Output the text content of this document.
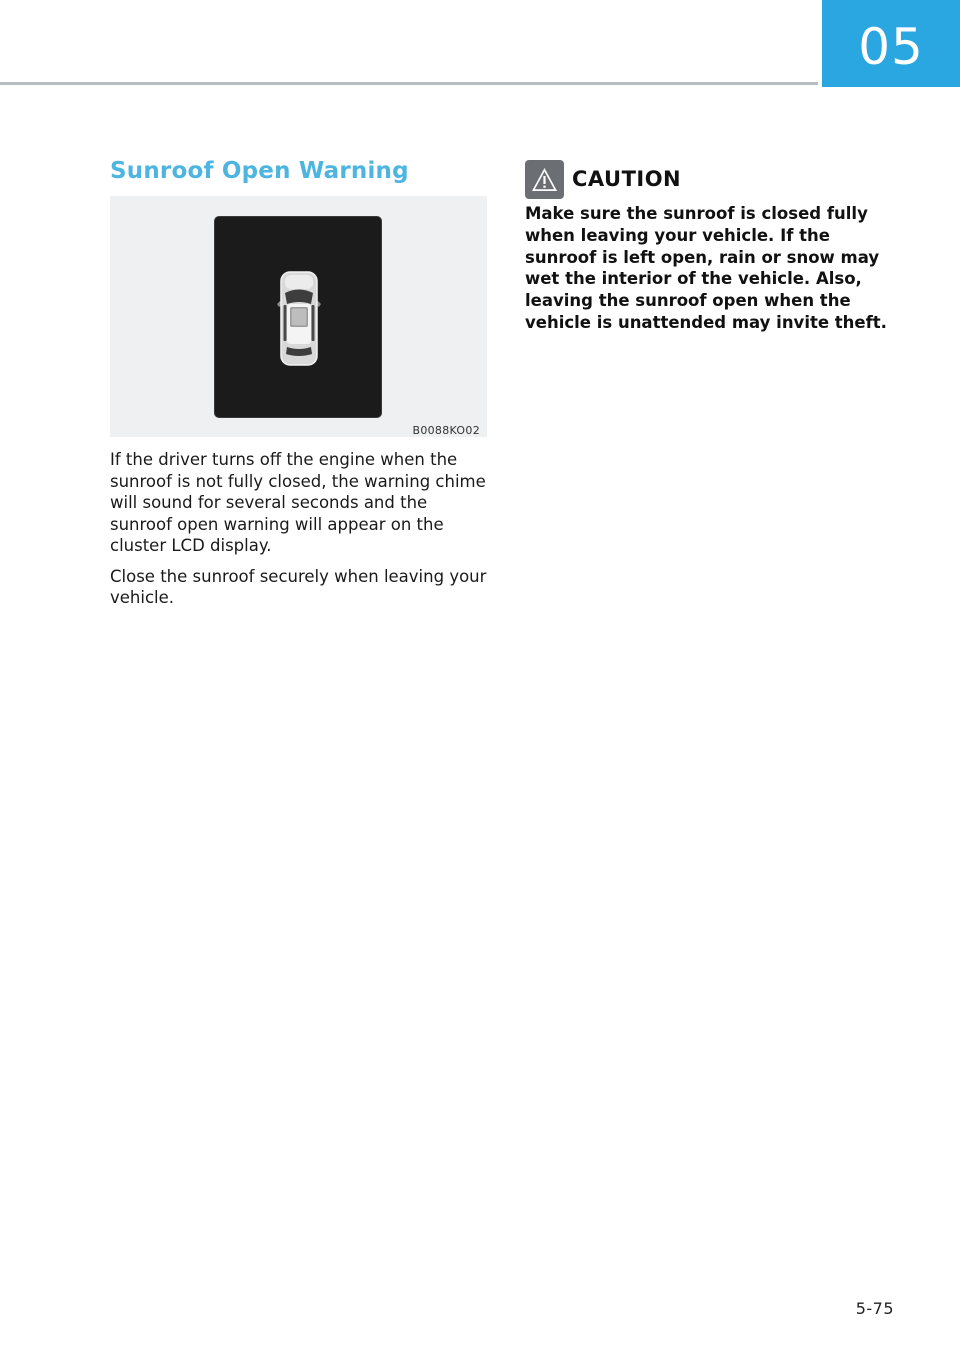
05
Sunroof Open Warning
B0088KO02

If the driver turns off the engine when the sunroof is not fully closed, the warning chime will sound for several seconds and the sunroof open warning will appear on the cluster LCD display.

Close the sunroof securely when leaving your vehicle.

CAUTION

Make sure the sunroof is closed fully when leaving your vehicle. If the sunroof is left open, rain or snow may wet the interior of the vehicle. Also, leaving the sunroof open when the vehicle is unattended may invite theft.

5-75
